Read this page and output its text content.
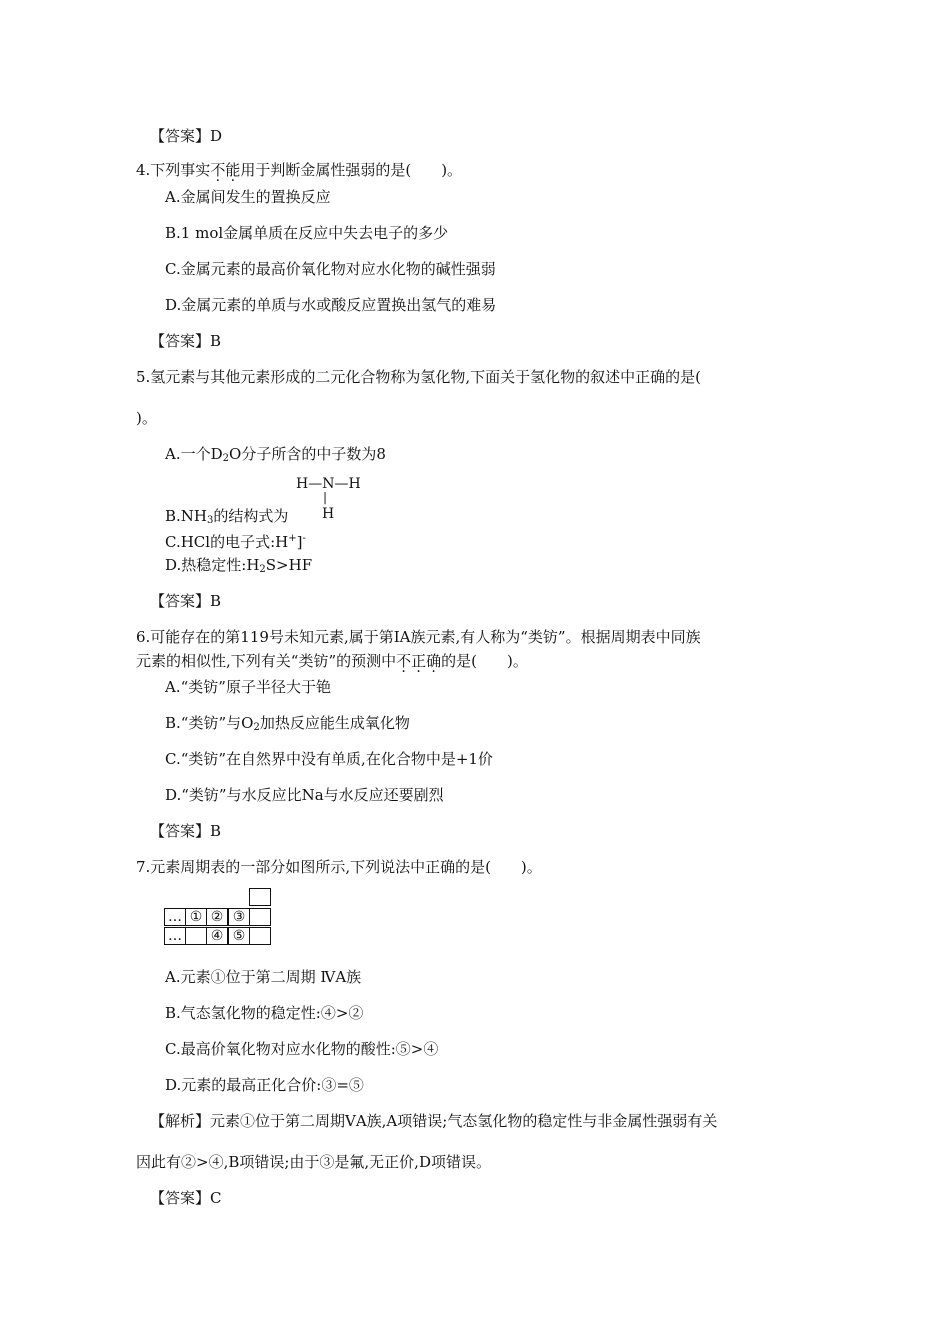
【答案】D
4.下列事实不能用于判断金属性强弱的是(　　)。
A.金属间发生的置换反应
B.1 mol金属单质在反应中失去电子的多少
C.金属元素的最高价氧化物对应水化物的碱性强弱
D.金属元素的单质与水或酸反应置换出氢气的难易
【答案】B
5.氢元素与其他元素形成的二元化合物称为氢化物,下面关于氢化物的叙述中正确的是(
)。
A.一个$D_2O$分子所含的中子数为8
H—N—H
|
H
$B.NH_3$的结构式为
C.HCl的电子式:H+]-
D.热稳定性$:H_2S>HF$
【答案】B
6.可能存在的第119号未知元素,属于第ⅠA族元素,有人称为“类钫”。根据周期表中同族
元素的相似性,下列有关“类钫”的预测中不正确的是(　　)。
A.“类钫”原子半径大于铯
B.“类钫”与$O_2$加热反应能生成氧化物
C.“类钫”在自然界中没有单质,在化合物中是+1价
D.“类钫”与水反应比Na与水反应还要剧烈
【答案】B
7.元素周期表的一部分如图所示,下列说法中正确的是(　　)。
… ① ② ③
…	④ ⑤
A.元素①位于第二周期 ⅣA族
B.气态氢化物的稳定性:④>②
C.最高价氧化物对应水化物的酸性:⑤>④
D.元素的最高正化合价:③=⑤
【解析】元素①位于第二周期ⅤA族,A项错误;气态氢化物的稳定性与非金属性强弱有关
因此有②>④,B项错误;由于③是氟,无正价,D项错误。
【答案】C
